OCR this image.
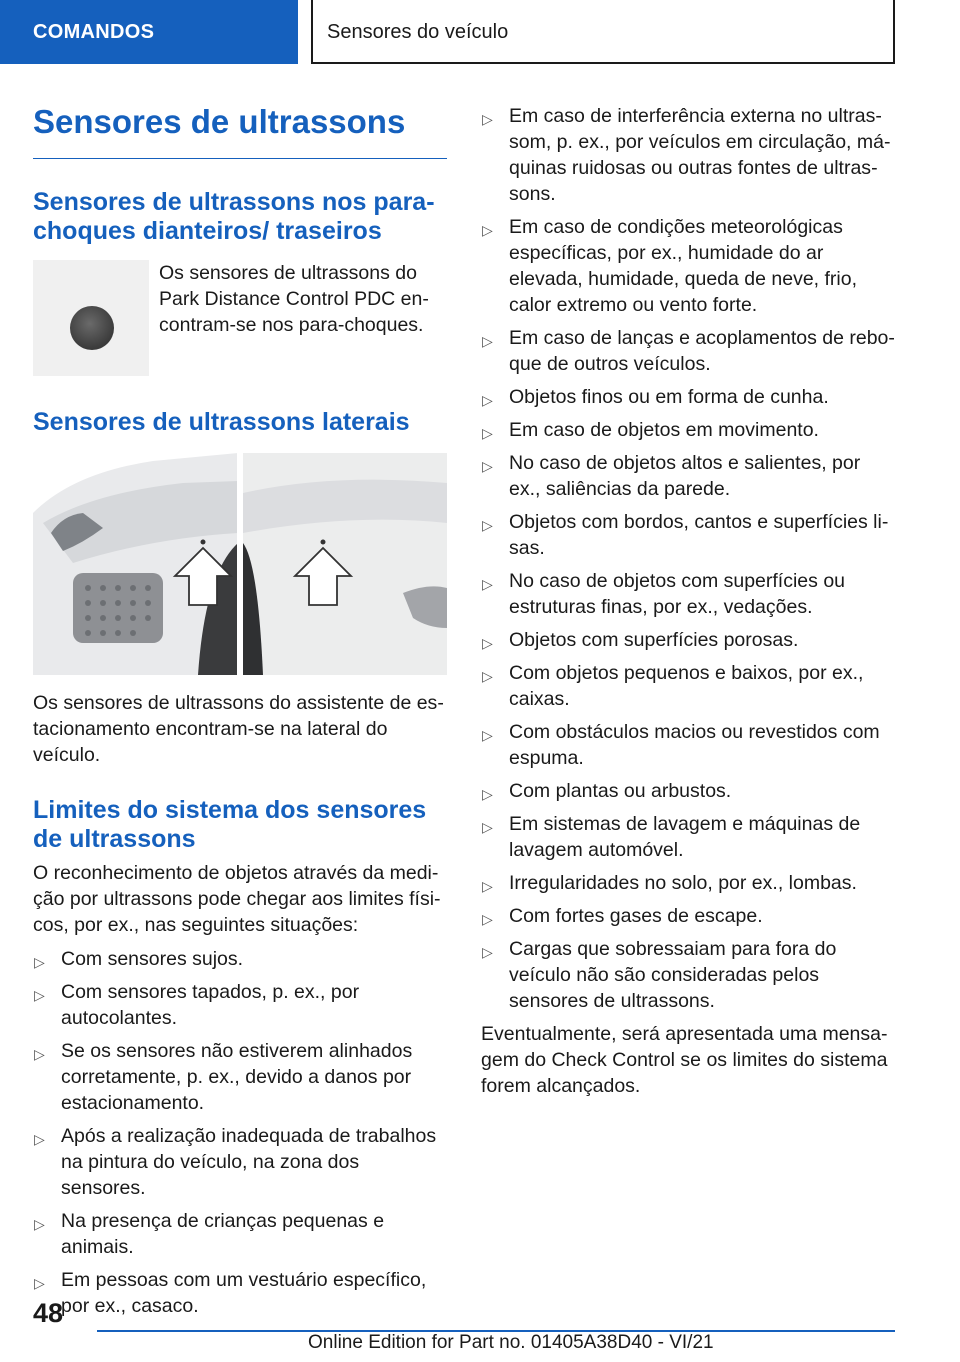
COMANDOS	Sensores do veículo
Sensores de ultrassons
Sensores de ultrassons nos para-choques dianteiros/ traseiros

Os sensores de ultrassons do Park Distance Control PDC encontram-se nos para-choques.

Sensores de ultrassons laterais

Os sensores de ultrassons do assistente de estacionamento encontram-se na lateral do veículo.

Limites do sistema dos sensores de ultrassons

O reconhecimento de objetos através da medição por ultrassons pode chegar aos limites físicos, por ex., nas seguintes situações:

▷ Com sensores sujos.
▷ Com sensores tapados, p. ex., por autocolantes.
▷ Se os sensores não estiverem alinhados corretamente, p. ex., devido a danos por estacionamento.
▷ Após a realização inadequada de trabalhos na pintura do veículo, na zona dos sensores.
▷ Na presença de crianças pequenas e animais.
▷ Em pessoas com um vestuário específico, por ex., casaco.
▷ Em caso de interferência externa no ultrassom, p. ex., por veículos em circulação, máquinas ruidosas ou outras fontes de ultrassons.
▷ Em caso de condições meteorológicas específicas, por ex., humidade do ar elevada, humidade, queda de neve, frio, calor extremo ou vento forte.
▷ Em caso de lanças e acoplamentos de reboque de outros veículos.
▷ Objetos finos ou em forma de cunha.
▷ Em caso de objetos em movimento.
▷ No caso de objetos altos e salientes, por ex., saliências da parede.
▷ Objetos com bordos, cantos e superfícies lisas.
▷ No caso de objetos com superfícies ou estruturas finas, por ex., vedações.
▷ Objetos com superfícies porosas.
▷ Com objetos pequenos e baixos, por ex., caixas.
▷ Com obstáculos macios ou revestidos com espuma.
▷ Com plantas ou arbustos.
▷ Em sistemas de lavagem e máquinas de lavagem automóvel.
▷ Irregularidades no solo, por ex., lombas.
▷ Com fortes gases de escape.
▷ Cargas que sobressaiam para fora do veículo não são consideradas pelos sensores de ultrassons.

Eventualmente, será apresentada uma mensagem do Check Control se os limites do sistema forem alcançados.

48
Online Edition for Part no. 01405A38D40 - VI/21
